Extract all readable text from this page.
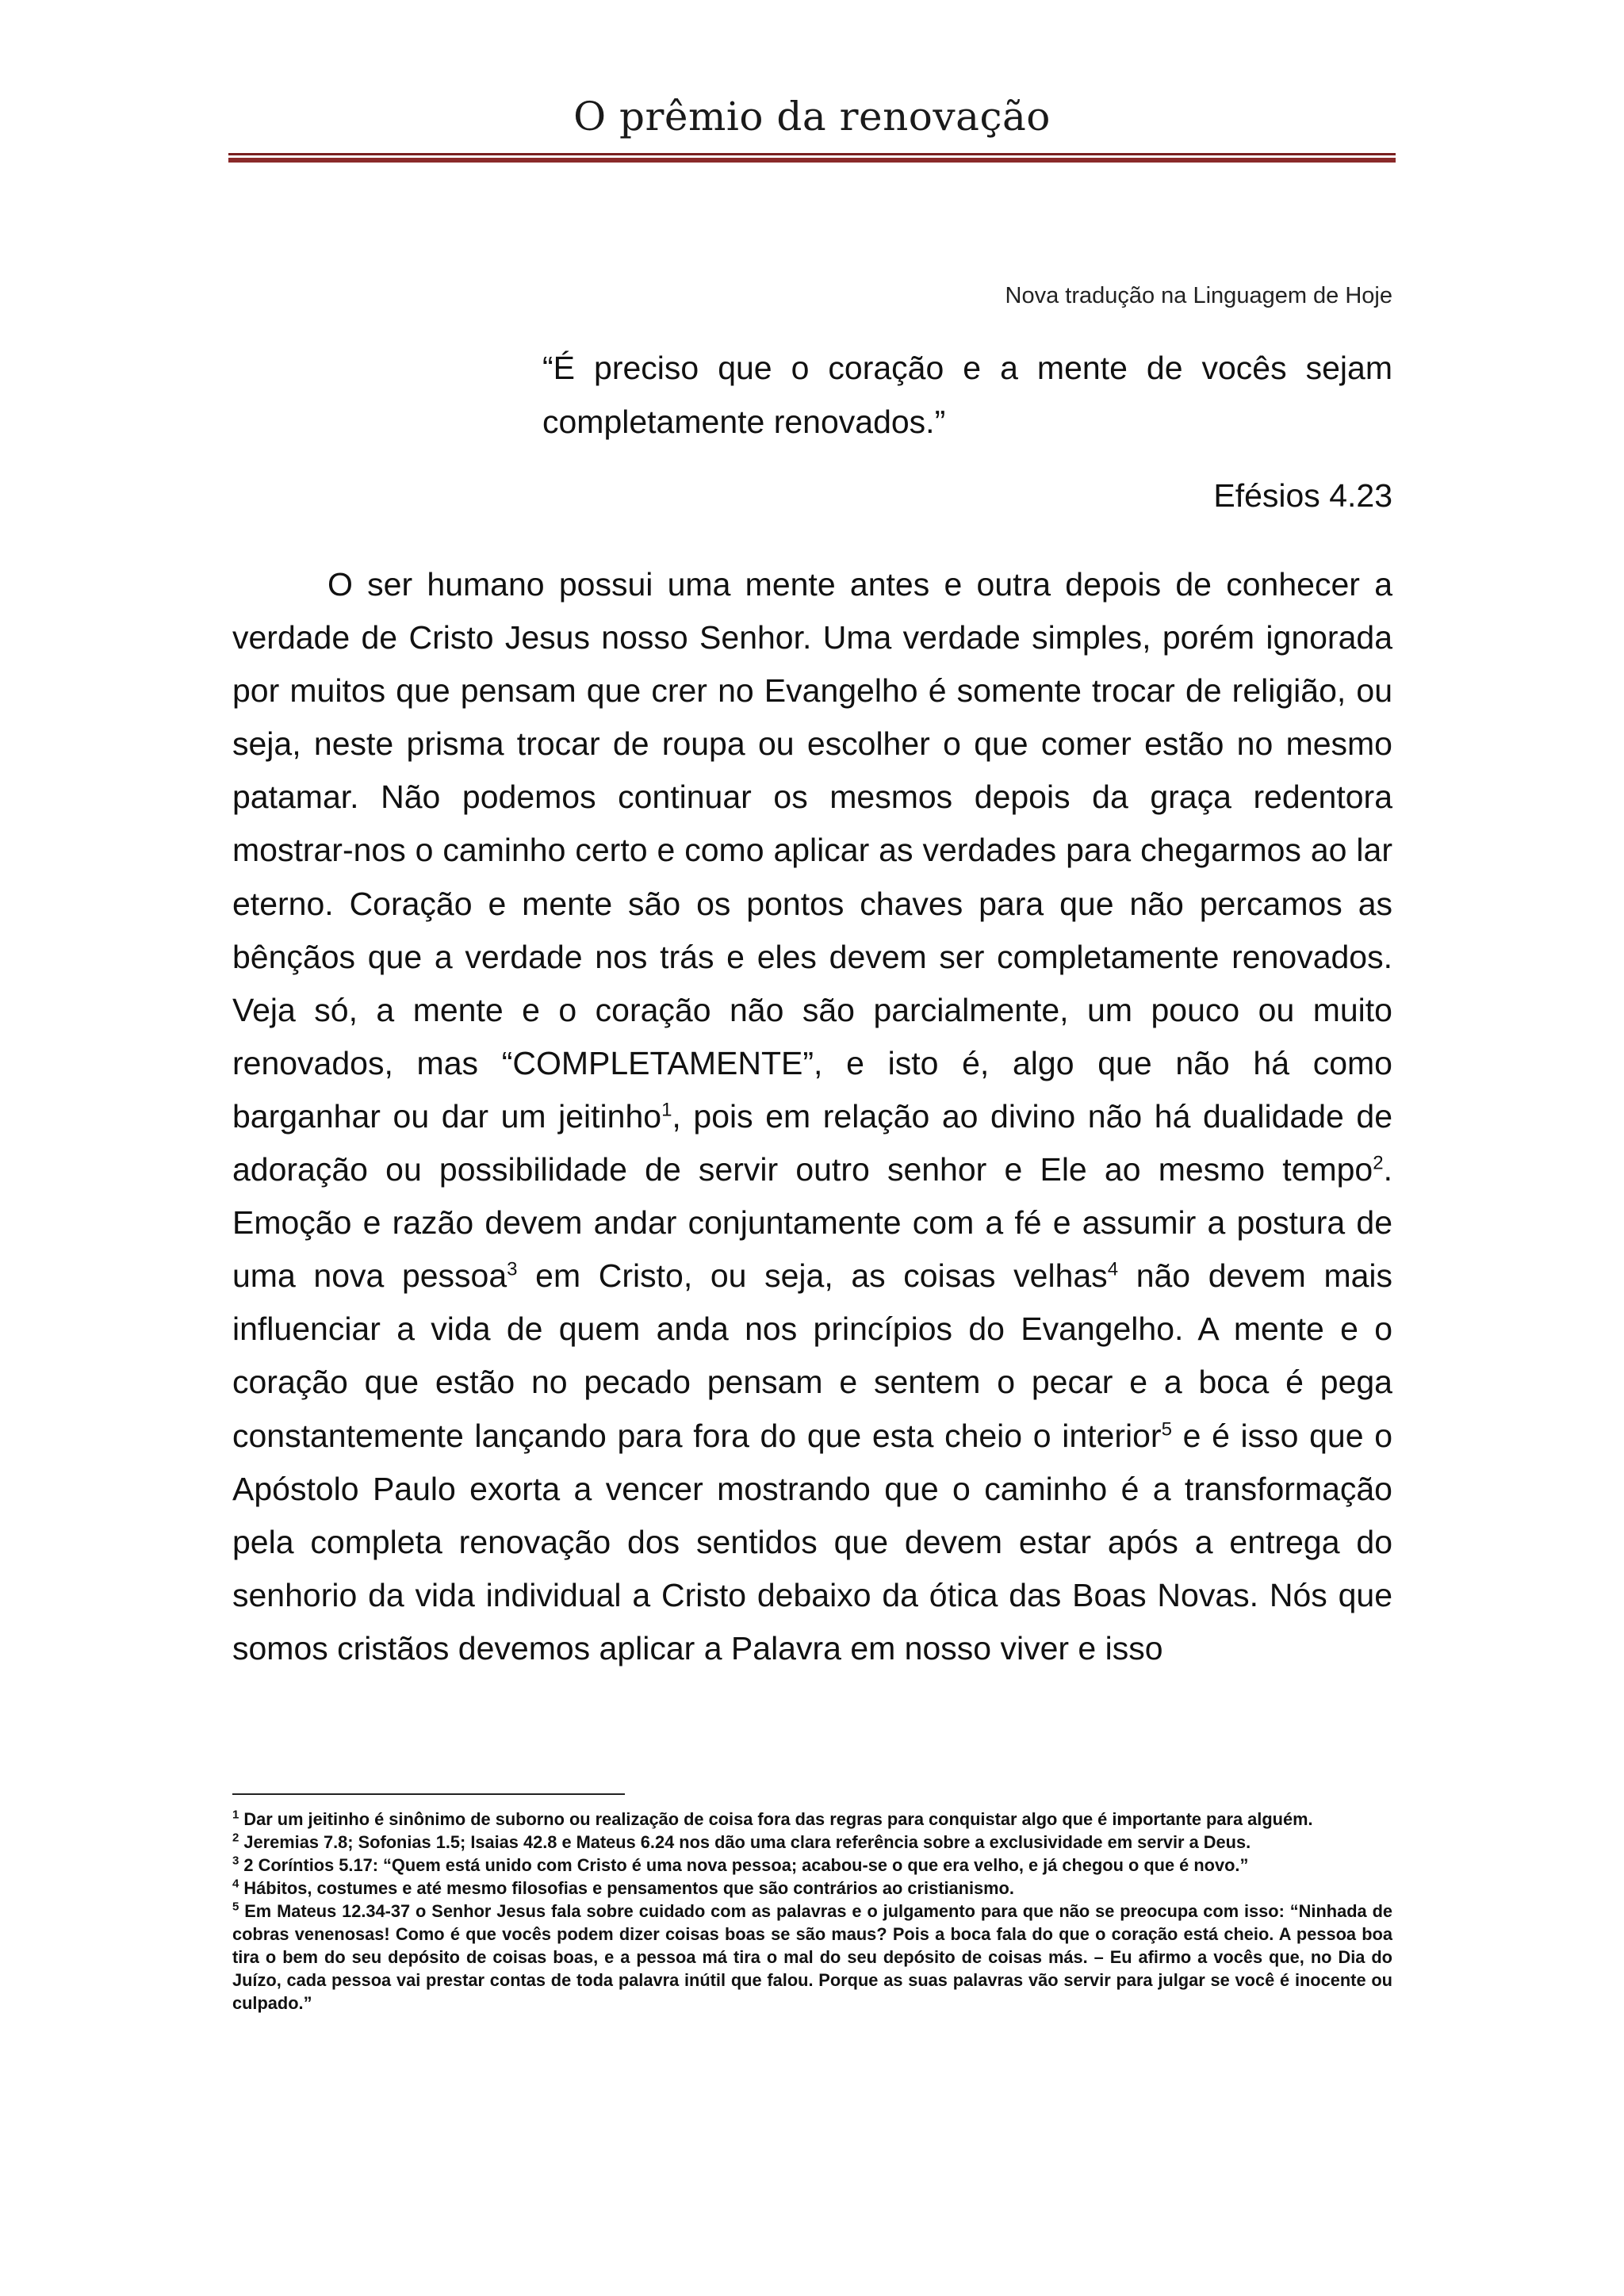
O prêmio da renovação
Nova tradução na Linguagem de Hoje
“É preciso que o coração e a mente de vocês sejam completamente renovados.”
Efésios 4.23

O ser humano possui uma mente antes e outra depois de conhecer a verdade de Cristo Jesus nosso Senhor. Uma verdade simples, porém ignorada por muitos que pensam que crer no Evangelho é somente trocar de religião, ou seja, neste prisma trocar de roupa ou escolher o que comer estão no mesmo patamar. Não podemos continuar os mesmos depois da graça redentora mostrar-nos o caminho certo e como aplicar as verdades para chegarmos ao lar eterno. Coração e mente são os pontos chaves para que não percamos as bênçãos que a verdade nos trás e eles devem ser completamente renovados. Veja só, a mente e o coração não são parcialmente, um pouco ou muito renovados, mas “COMPLETAMENTE”, e isto é, algo que não há como barganhar ou dar um jeitinho$^1$, pois em relação ao divino não há dualidade de adoração ou possibilidade de servir outro senhor e Ele ao mesmo tempo$^2$. Emoção e razão devem andar conjuntamente com a fé e assumir a postura de uma nova pessoa$^3$ em Cristo, ou seja, as coisas velhas$^4$ não devem mais influenciar a vida de quem anda nos princípios do Evangelho. A mente e o coração que estão no pecado pensam e sentem o pecar e a boca é pega constantemente lançando para fora do que esta cheio o interior$^5$ e é isso que o Apóstolo Paulo exorta a vencer mostrando que o caminho é a transformação pela completa renovação dos sentidos que devem estar após a entrega do senhorio da vida individual a Cristo debaixo da ótica das Boas Novas. Nós que somos cristãos devemos aplicar a Palavra em nosso viver e isso

$^1$ Dar um jeitinho é sinônimo de suborno ou realização de coisa fora das regras para conquistar algo que é importante para alguém.

$^2$ Jeremias 7.8; Sofonias 1.5; Isaias 42.8 e Mateus 6.24 nos dão uma clara referência sobre a exclusividade em servir a Deus.

$^3$ 2 Coríntios 5.17: “Quem está unido com Cristo é uma nova pessoa; acabou-se o que era velho, e já chegou o que é novo.”

$^4$ Hábitos, costumes e até mesmo filosofias e pensamentos que são contrários ao cristianismo.

$^5$ Em Mateus 12.34-37 o Senhor Jesus fala sobre cuidado com as palavras e o julgamento para que não se preocupa com isso: “Ninhada de cobras venenosas! Como é que vocês podem dizer coisas boas se são maus? Pois a boca fala do que o coração está cheio. A pessoa boa tira o bem do seu depósito de coisas boas, e a pessoa má tira o mal do seu depósito de coisas más. – Eu afirmo a vocês que, no Dia do Juízo, cada pessoa vai prestar contas de toda palavra inútil que falou. Porque as suas palavras vão servir para julgar se você é inocente ou culpado.”
